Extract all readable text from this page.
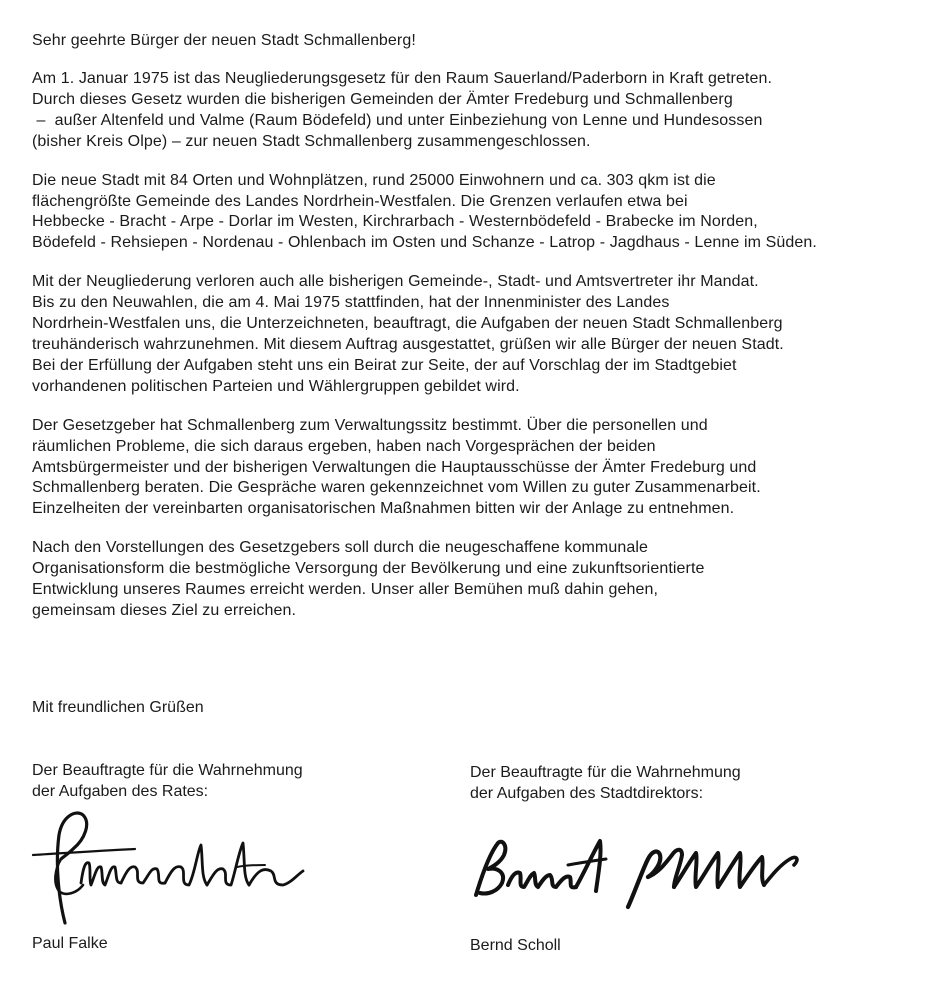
Sehr geehrte Bürger der neuen Stadt Schmallenberg!
Am 1. Januar 1975 ist das Neugliederungsgesetz für den Raum Sauerland/Paderborn in Kraft getreten.
Durch dieses Gesetz wurden die bisherigen Gemeinden der Ämter Fredeburg und Schmallenberg
–  außer Altenfeld und Valme (Raum Bödefeld) und unter Einbeziehung von Lenne und Hundesossen
(bisher Kreis Olpe) – zur neuen Stadt Schmallenberg zusammengeschlossen.
Die neue Stadt mit 84 Orten und Wohnplätzen, rund 25000 Einwohnern und ca. 303 qkm ist die
flächengrößte Gemeinde des Landes Nordrhein-Westfalen. Die Grenzen verlaufen etwa bei
Hebbecke - Bracht - Arpe - Dorlar im Westen, Kirchrarbach - Westernbödefeld - Brabecke im Norden,
Bödefeld - Rehsiepen - Nordenau - Ohlenbach im Osten und Schanze - Latrop - Jagdhaus - Lenne im Süden.
Mit der Neugliederung verloren auch alle bisherigen Gemeinde-, Stadt- und Amtsvertreter ihr Mandat.
Bis zu den Neuwahlen, die am 4. Mai 1975 stattfinden, hat der Innenminister des Landes
Nordrhein-Westfalen uns, die Unterzeichneten, beauftragt, die Aufgaben der neuen Stadt Schmallenberg
treuhänderisch wahrzunehmen. Mit diesem Auftrag ausgestattet, grüßen wir alle Bürger der neuen Stadt.
Bei der Erfüllung der Aufgaben steht uns ein Beirat zur Seite, der auf Vorschlag der im Stadtgebiet
vorhandenen politischen Parteien und Wählergruppen gebildet wird.
Der Gesetzgeber hat Schmallenberg zum Verwaltungssitz bestimmt. Über die personellen und
räumlichen Probleme, die sich daraus ergeben, haben nach Vorgesprächen der beiden
Amtsbürgermeister und der bisherigen Verwaltungen die Hauptausschüsse der Ämter Fredeburg und
Schmallenberg beraten. Die Gespräche waren gekennzeichnet vom Willen zu guter Zusammenarbeit.
Einzelheiten der vereinbarten organisatorischen Maßnahmen bitten wir der Anlage zu entnehmen.
Nach den Vorstellungen des Gesetzgebers soll durch die neugeschaffene kommunale
Organisationsform die bestmögliche Versorgung der Bevölkerung und eine zukunftsorientierte
Entwicklung unseres Raumes erreicht werden. Unser aller Bemühen muß dahin gehen,
gemeinsam dieses Ziel zu erreichen.
Mit freundlichen Grüßen
Der Beauftragte für die Wahrnehmung
der Aufgaben des Rates:
Der Beauftragte für die Wahrnehmung
der Aufgaben des Stadtdirektors:
Paul Falke	Bernd Scholl
